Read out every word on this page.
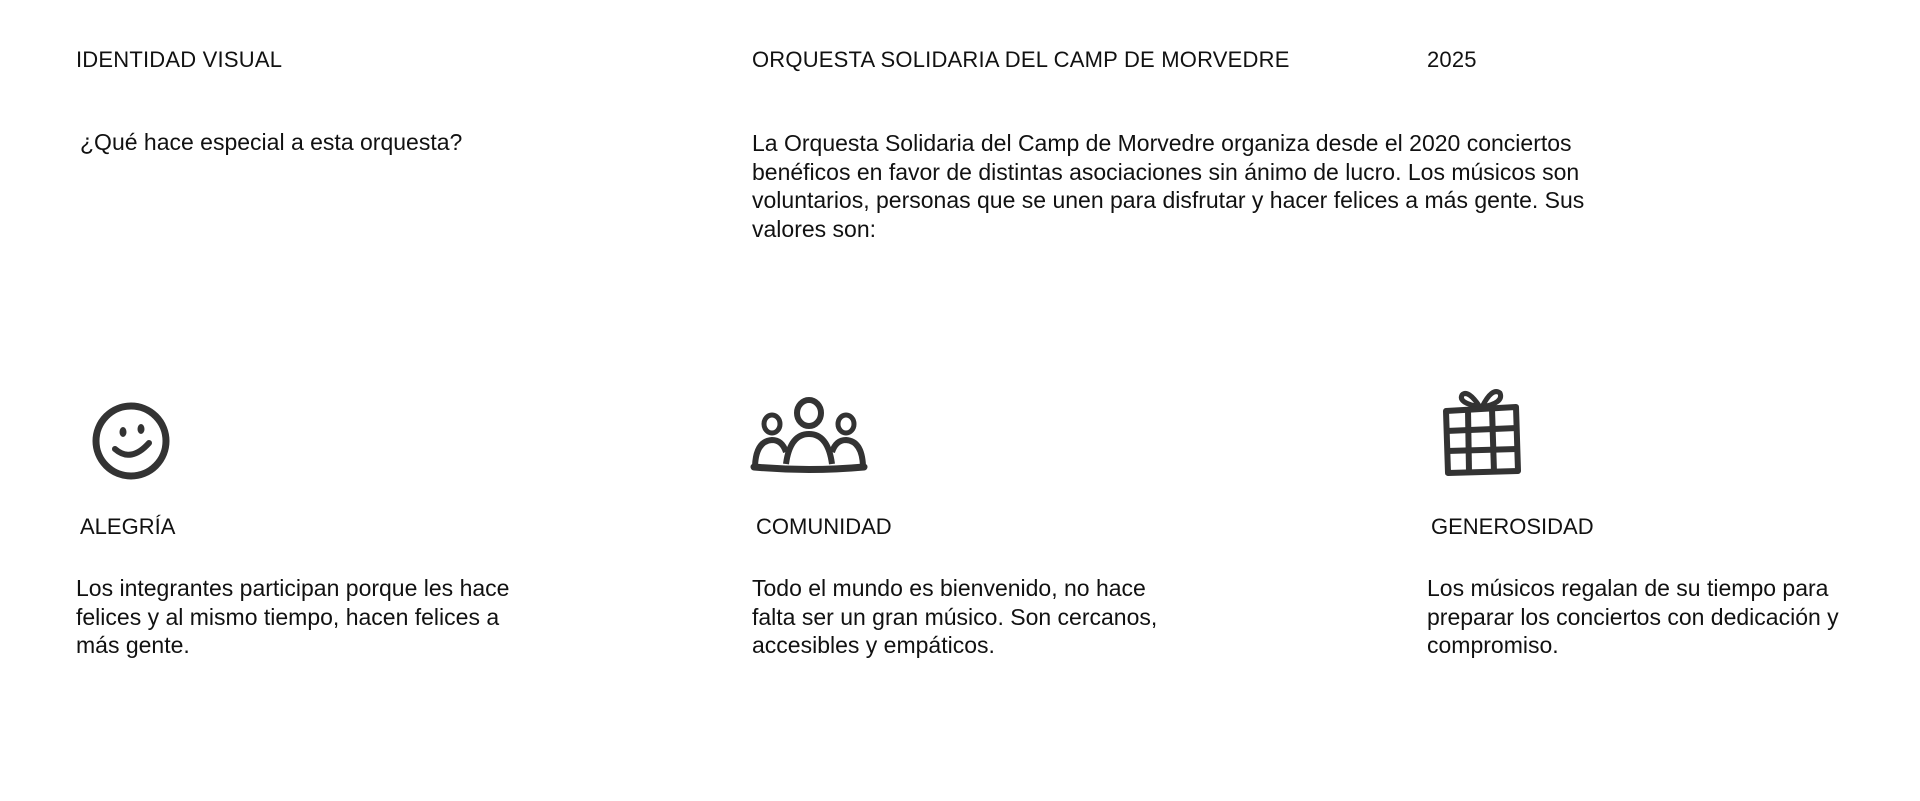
IDENTIDAD VISUAL	ORQUESTA SOLIDARIA DEL CAMP DE MORVEDRE	2025
¿Qué hace especial a esta orquesta?	La Orquesta Solidaria del Camp de Morvedre organiza desde el 2020 conciertos benéficos en favor de distintas asociaciones sin ánimo de lucro. Los músicos son voluntarios, personas que se unen para disfrutar y hacer felices a más gente. Sus valores son:
ALEGRÍA
Los integrantes participan porque les hace felices y al mismo tiempo, hacen felices a más gente.
COMUNIDAD
Todo el mundo es bienvenido, no hace falta ser un gran músico. Son cercanos, accesibles y empáticos.
GENEROSIDAD
Los músicos regalan de su tiempo para preparar los conciertos con dedicación y compromiso.
